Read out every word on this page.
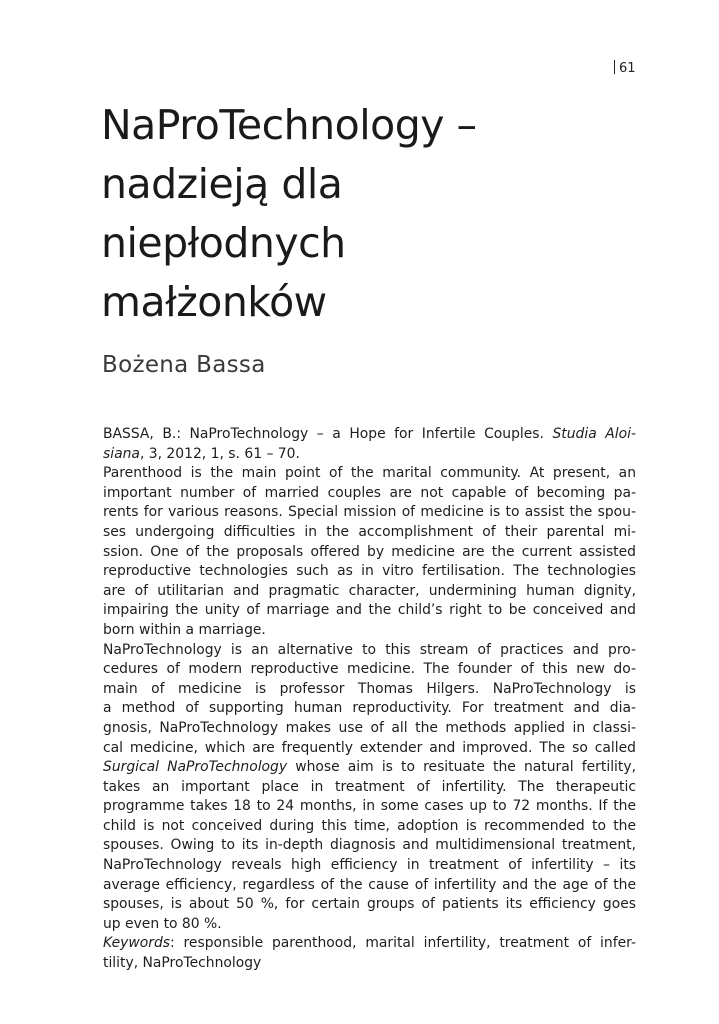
61
NaProTechnology –
nadzieją dla
niepłodnych
małżonków
Bożena Bassa
BASSA, B.: NaProTechnology – a Hope for Infertile Couples. Studia Aloi-
siana, 3, 2012, 1, s. 61 – 70.
Parenthood is the main point of the marital community. At present, an
important number of married couples are not capable of becoming pa-
rents for various reasons. Special mission of medicine is to assist the spou-
ses undergoing difficulties in the accomplishment of their parental mi-
ssion. One of the proposals offered by medicine are the current assisted
reproductive technologies such as in vitro fertilisation. The technologies
are of utilitarian and pragmatic character, undermining human dignity,
impairing the unity of marriage and the child’s right to be conceived and
born within a marriage.
NaProTechnology is an alternative to this stream of practices and pro-
cedures of modern reproductive medicine. The founder of this new do-
main of medicine is professor Thomas Hilgers. NaProTechnology is
a method of supporting human reproductivity. For treatment and dia-
gnosis, NaProTechnology makes use of all the methods applied in classi-
cal medicine, which are frequently extender and improved. The so called
Surgical NaProTechnology whose aim is to resituate the natural fertility,
takes an important place in treatment of infertility. The therapeutic
programme takes 18 to 24 months, in some cases up to 72 months. If the
child is not conceived during this time, adoption is recommended to the
spouses. Owing to its in-depth diagnosis and multidimensional treatment,
NaProTechnology reveals high efficiency in treatment of infertility – its
average efficiency, regardless of the cause of infertility and the age of the
spouses, is about 50 %, for certain groups of patients its efficiency goes
up even to 80 %.
Keywords: responsible parenthood, marital infertility, treatment of infer-
tility, NaProTechnology
